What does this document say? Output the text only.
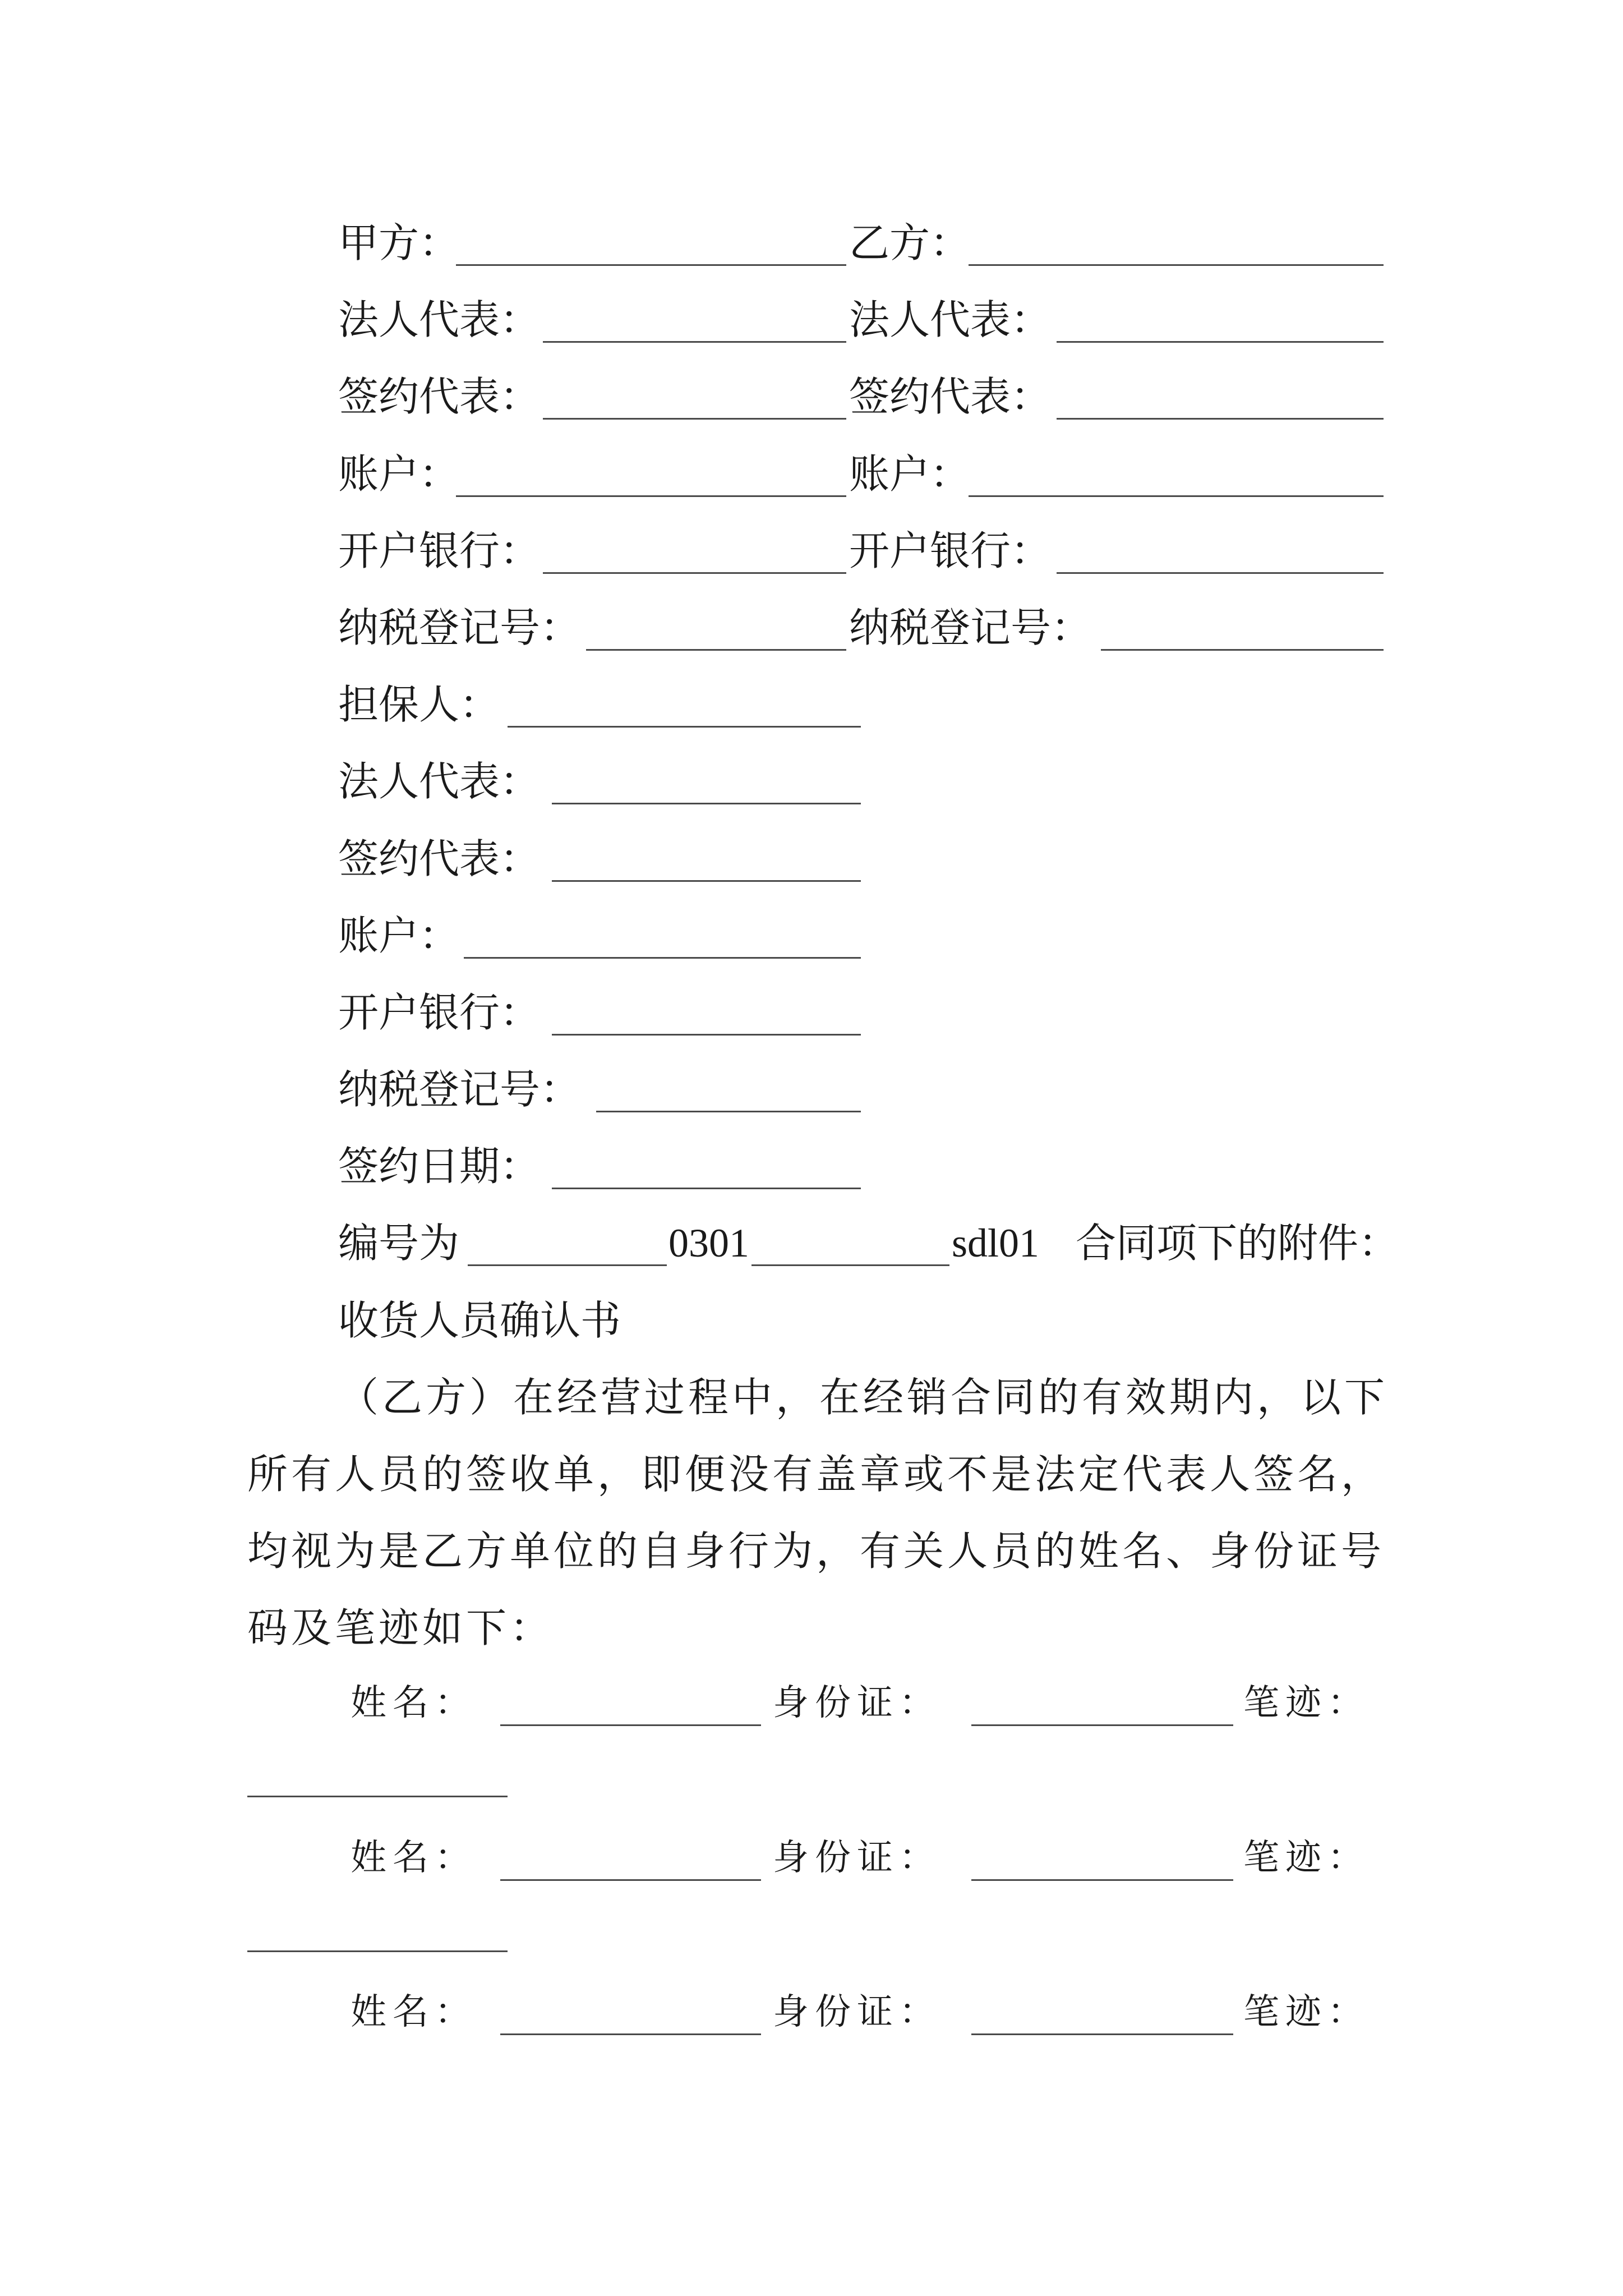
甲方：	乙方：
法人代表：	法人代表：
签约代表：	签约代表：
账户：	账户：
开户银行：	开户银行：
纳税登记号：	纳税登记号：
担保人：
法人代表：
签约代表：
账户：
开户银行：
纳税登记号：
签约日期：
编号为	0301	sdl01 合同项下的附件：
收货人员确认书
（乙方）在经营过程中，在经销合同的有效期内，以下
所有人员的签收单，即便没有盖章或不是法定代表人签名，
均视为是乙方单位的自身行为，有关人员的姓名、身份证号
码及笔迹如下：
姓名：	身份证：	笔迹：
姓名：	身份证：	笔迹：
姓名：	身份证：	笔迹：
